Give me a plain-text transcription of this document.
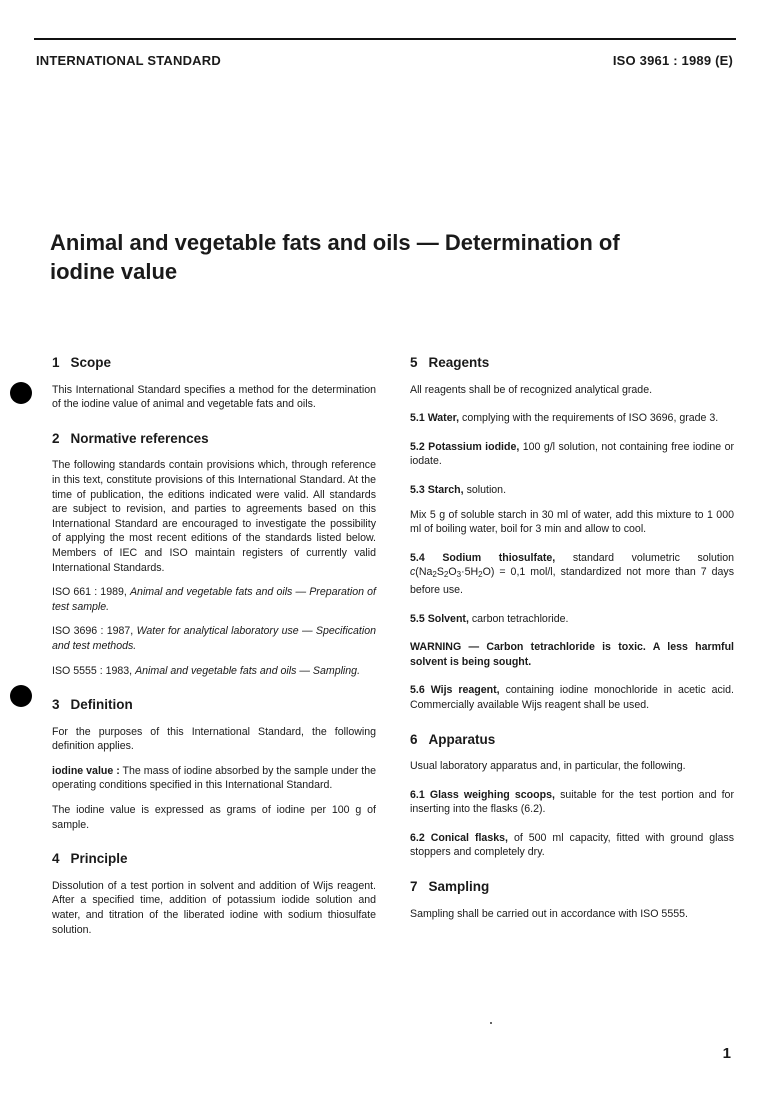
INTERNATIONAL STANDARD	ISO 3961 : 1989 (E)
Animal and vegetable fats and oils — Determination of
iodine value
1 Scope

This International Standard specifies a method for the determination of the iodine value of animal and vegetable fats and oils.

2 Normative references

The following standards contain provisions which, through reference in this text, constitute provisions of this International Standard. At the time of publication, the editions indicated were valid. All standards are subject to revision, and parties to agreements based on this International Standard are encouraged to investigate the possibility of applying the most recent editions of the standards listed below. Members of IEC and ISO maintain registers of currently valid International Standards.

ISO 661 : 1989, Animal and vegetable fats and oils — Preparation of test sample.

ISO 3696 : 1987, Water for analytical laboratory use — Specification and test methods.

ISO 5555 : 1983, Animal and vegetable fats and oils — Sampling.

3 Definition

For the purposes of this International Standard, the following definition applies.

iodine value : The mass of iodine absorbed by the sample under the operating conditions specified in this International Standard.

The iodine value is expressed as grams of iodine per 100 g of sample.

4 Principle

Dissolution of a test portion in solvent and addition of Wijs reagent. After a specified time, addition of potassium iodide solution and water, and titration of the liberated iodine with sodium thiosulfate solution.

5 Reagents

All reagents shall be of recognized analytical grade.

5.1 Water, complying with the requirements of ISO 3696, grade 3.

5.2 Potassium iodide, 100 g/l solution, not containing free iodine or iodate.

5.3 Starch, solution.

Mix 5 g of soluble starch in 30 ml of water, add this mixture to 1 000 ml of boiling water, boil for 3 min and allow to cool.

5.4 Sodium thiosulfate, standard volumetric solution $c(Na_2S_2O_3\cdot 5H_2O) = 0,1$ mol/l, standardized not more than 7 days before use.

5.5 Solvent, carbon tetrachloride.

WARNING — Carbon tetrachloride is toxic. A less harmful solvent is being sought.

5.6 Wijs reagent, containing iodine monochloride in acetic acid. Commercially available Wijs reagent shall be used.

6 Apparatus

Usual laboratory apparatus and, in particular, the following.

6.1 Glass weighing scoops, suitable for the test portion and for inserting into the flasks (6.2).

6.2 Conical flasks, of 500 ml capacity, fitted with ground glass stoppers and completely dry.

7 Sampling

Sampling shall be carried out in accordance with ISO 5555.

1
